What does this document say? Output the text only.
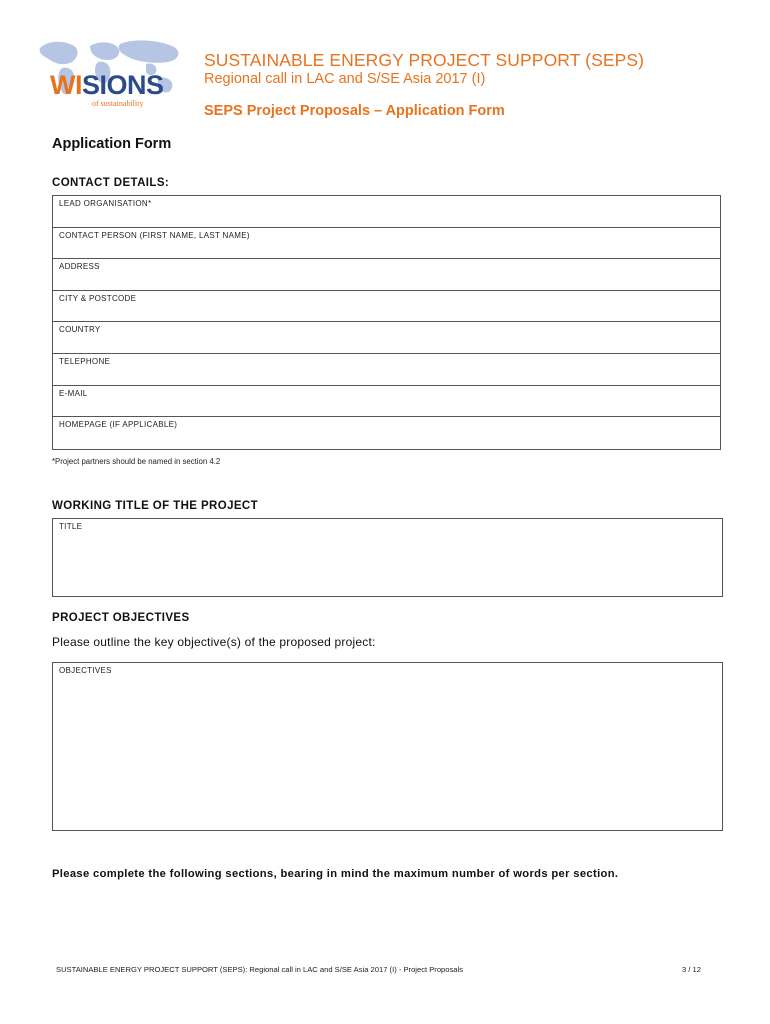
WISIONS
of sustainability
SUSTAINABLE ENERGY PROJECT SUPPORT (SEPS)
Regional call in LAC and S/SE Asia 2017 (I)
SEPS Project Proposals – Application Form
Application Form
CONTACT DETAILS:
LEAD ORGANISATION*
CONTACT PERSON (FIRST NAME, LAST NAME)
ADDRESS
CITY & POSTCODE
COUNTRY
TELEPHONE
E-MAIL
HOMEPAGE (IF APPLICABLE)
*Project partners should be named in section 4.2
WORKING TITLE OF THE PROJECT
TITLE
PROJECT OBJECTIVES
Please outline the key objective(s) of the proposed project:
OBJECTIVES
Please complete the following sections, bearing in mind the maximum number of words per section.
SUSTAINABLE ENERGY PROJECT SUPPORT (SEPS): Regional call in LAC and S/SE Asia 2017 (I) - Project Proposals	3 / 12
